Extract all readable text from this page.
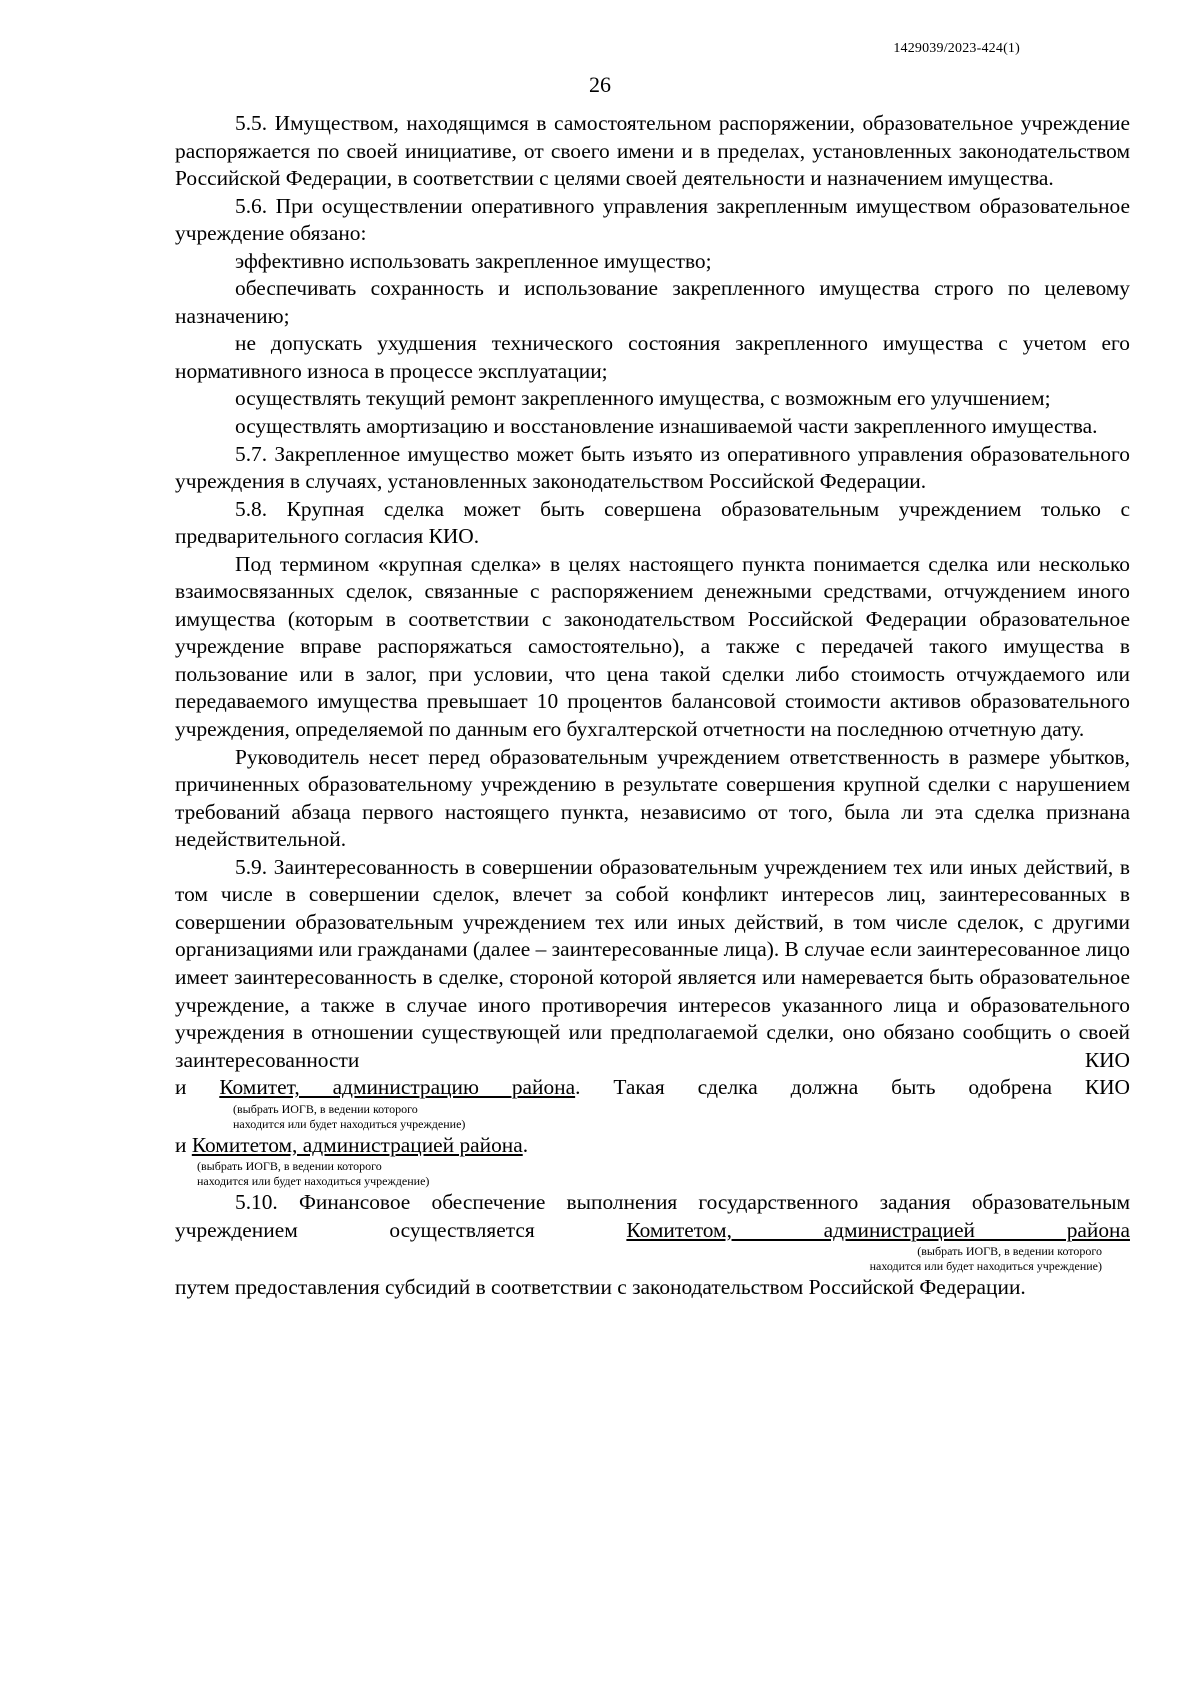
1429039/2023-424(1)
26

5.5. Имуществом, находящимся в самостоятельном распоряжении, образовательное учреждение распоряжается по своей инициативе, от своего имени и в пределах, установленных законодательством Российской Федерации, в соответствии с целями своей деятельности и назначением имущества.

5.6. При осуществлении оперативного управления закрепленным имуществом образовательное учреждение обязано:

эффективно использовать закрепленное имущество;

обеспечивать сохранность и использование закрепленного имущества строго по целевому назначению;

не допускать ухудшения технического состояния закрепленного имущества с учетом его нормативного износа в процессе эксплуатации;

осуществлять текущий ремонт закрепленного имущества, с возможным его улучшением;

осуществлять амортизацию и восстановление изнашиваемой части закрепленного имущества.

5.7. Закрепленное имущество может быть изъято из оперативного управления образовательного учреждения в случаях, установленных законодательством Российской Федерации.

5.8. Крупная сделка может быть совершена образовательным учреждением только с предварительного согласия КИО.

Под термином «крупная сделка» в целях настоящего пункта понимается сделка или несколько взаимосвязанных сделок, связанные с распоряжением денежными средствами, отчуждением иного имущества (которым в соответствии с законодательством Российской Федерации образовательное учреждение вправе распоряжаться самостоятельно), а также с передачей такого имущества в пользование или в залог, при условии, что цена такой сделки либо стоимость отчуждаемого или передаваемого имущества превышает 10 процентов балансовой стоимости активов образовательного учреждения, определяемой по данным его бухгалтерской отчетности на последнюю отчетную дату.

Руководитель несет перед образовательным учреждением ответственность в размере убытков, причиненных образовательному учреждению в результате совершения крупной сделки с нарушением требований абзаца первого настоящего пункта, независимо от того, была ли эта сделка признана недействительной.

5.9. Заинтересованность в совершении образовательным учреждением тех или иных действий, в том числе в совершении сделок, влечет за собой конфликт интересов лиц, заинтересованных в совершении образовательным учреждением тех или иных действий, в том числе сделок, с другими организациями или гражданами (далее – заинтересованные лица). В случае если заинтересованное лицо имеет заинтересованность в сделке, стороной которой является или намеревается быть образовательное учреждение, а также в случае иного противоречия интересов указанного лица и образовательного учреждения в отношении существующей или предполагаемой сделки, оно обязано сообщить о своей заинтересованности КИО

и Комитет, администрацию района. Такая сделка должна быть одобрена КИО

(выбрать ИОГВ, в ведении которого
находится или будет находиться учреждение)

и Комитетом, администрацией района.

(выбрать ИОГВ, в ведении которого
находится или будет находиться учреждение)

5.10. Финансовое обеспечение выполнения государственного задания образовательным учреждением осуществляется	Комитетом, администрацией района

(выбрать ИОГВ, в ведении которого
находится или будет находиться учреждение)

путем предоставления субсидий в соответствии с законодательством Российской Федерации.
